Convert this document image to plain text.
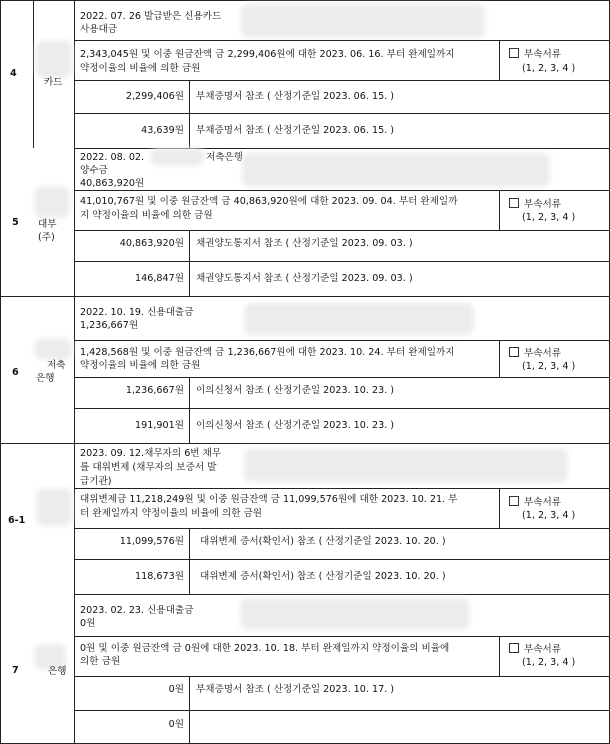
4
카드
2022. 07. 26 발급받은 신용카드
사용대금
2,343,045원 및 이중 원금잔액 금 2,299,406원에 대한 2023. 06. 16. 부터 완제일까지
약정이율의 비율에 의한 금원
부속서류
(1, 2, 3, 4 )
2,299,406원 부채증명서 참조 ( 산정기준일 2023. 06. 15. )
43,639원 부채증명서 참조 ( 산정기준일 2023. 06. 15. )
5 대부
(주)
2022. 08. 02.	저축은행
양수금
40,863,920원
41,010,767원 및 이중 원금잔액 금 40,863,920원에 대한 2023. 09. 04. 부터 완제일까
지 약정이율의 비율에 의한 금원
부속서류
(1, 2, 3, 4 )
40,863,920원 채권양도통지서 참조 ( 산정기준일 2023. 09. 03. )
146,847원 채권양도통지서 참조 ( 산정기준일 2023. 09. 03. )
6
저축
은행
2022. 10. 19. 신용대출금
1,236,667원
1,428,568원 및 이중 원금잔액 금 1,236,667원에 대한 2023. 10. 24. 부터 완제일까지
약정이율의 비율에 의한 금원
부속서류
(1, 2, 3, 4 )
1,236,667원 이의신청서 참조 ( 산정기준일 2023. 10. 23. )
191,901원 이의신청서 참조 ( 산정기준일 2023. 10. 23. )
6-1
2023. 09. 12.채무자의 6번 채무
를 대위변제 (채무자의 보증서 발
급기관)
대위변제금 11,218,249원 및 이중 원금잔액 금 11,099,576원에 대한 2023. 10. 21. 부
터 완제일까지 약정이율의 비율에 의한 금원
부속서류
(1, 2, 3, 4 )
11,099,576원 대위변제 증서(확인서) 참조 ( 산정기준일 2023. 10. 20. )
118,673원 대위변제 증서(확인서) 참조 ( 산정기준일 2023. 10. 20. )
7	은행
2023. 02. 23. 신용대출금
0원
0원 및 이중 원금잔액 금 0원에 대한 2023. 10. 18. 부터 완제일까지 약정이율의 비율에
의한 금원
부속서류
(1, 2, 3, 4 )
0원 부채증명서 참조 ( 산정기준일 2023. 10. 17. )
0원
